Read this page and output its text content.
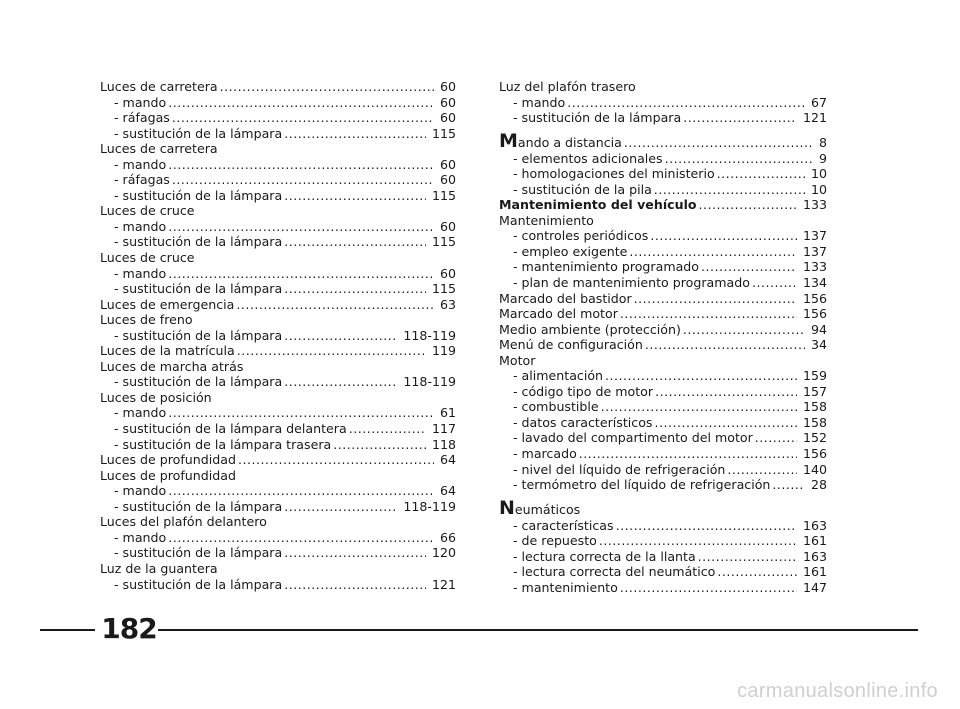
Luces de carretera .....	60
- mando .....	60
- ráfagas .....	60
- sustitución de la lámpara .....	115
Luces de carretera
- mando .....	60
- ráfagas .....	60
- sustitución de la lámpara .....	115
Luces de cruce
- mando .....	60
- sustitución de la lámpara .....	115
Luces de cruce
- mando .....	60
- sustitución de la lámpara .....	115
Luces de emergencia .....	63
Luces de freno
- sustitución de la lámpara .....	118-119
Luces de la matrícula .....	119
Luces de marcha atrás
- sustitución de la lámpara .....	118-119
Luces de posición
- mando .....	61
- sustitución de la lámpara delantera .....	117
- sustitución de la lámpara trasera .....	118
Luces de profundidad .....	64
Luces de profundidad
- mando .....	64
- sustitución de la lámpara .....	118-119
Luces del plafón delantero
- mando .....	66
- sustitución de la lámpara .....	120
Luz de la guantera
- sustitución de la lámpara .....	121
Luz del plafón trasero
- mando .....	67
- sustitución de la lámpara .....	121
Mando a distancia .....	8
- elementos adicionales .....	9
- homologaciones del ministerio .....	10
- sustitución de la pila .....	10
Mantenimiento del vehículo .....	133
Mantenimiento
- controles periódicos .....	137
- empleo exigente .....	137
- mantenimiento programado .....	133
- plan de mantenimiento programado .....	134
Marcado del bastidor .....	156
Marcado del motor .....	156
Medio ambiente (protección) .....	94
Menú de configuración .....	34
Motor
- alimentación .....	159
- código tipo de motor .....	157
- combustible .....	158
- datos característicos .....	158
- lavado del compartimento del motor .....	152
- marcado .....	156
- nivel del líquido de refrigeración .....	140
- termómetro del líquido de refrigeración .....	28
Neumáticos
- características .....	163
- de repuesto .....	161
- lectura correcta de la llanta .....	163
- lectura correcta del neumático .....	161
- mantenimiento .....	147
182
carmanualsonline.info
